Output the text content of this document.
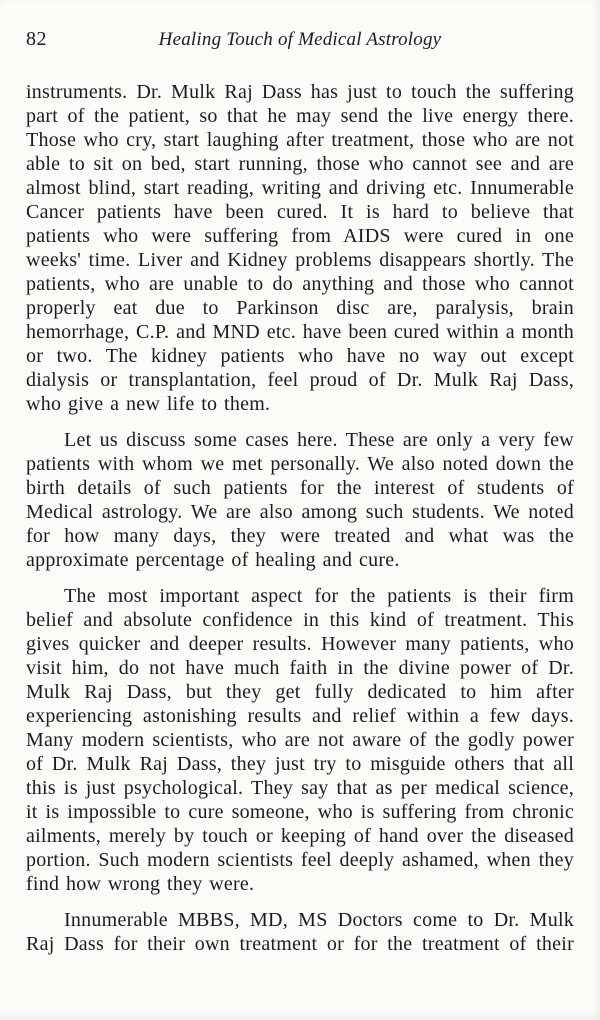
82	Healing Touch of Medical Astrology

instruments. Dr. Mulk Raj Dass has just to touch the suffering part of the patient, so that he may send the live energy there. Those who cry, start laughing after treatment, those who are not able to sit on bed, start running, those who cannot see and are almost blind, start reading, writing and driving etc. Innumerable Cancer patients have been cured. It is hard to believe that patients who were suffering from AIDS were cured in one weeks' time. Liver and Kidney problems disappears shortly. The patients, who are unable to do anything and those who cannot properly eat due to Parkinson disc are, paralysis, brain hemorrhage, C.P. and MND etc. have been cured within a month or two. The kidney patients who have no way out except dialysis or transplantation, feel proud of Dr. Mulk Raj Dass, who give a new life to them.

Let us discuss some cases here. These are only a very few patients with whom we met personally. We also noted down the birth details of such patients for the interest of students of Medical astrology. We are also among such students. We noted for how many days, they were treated and what was the approximate percentage of healing and cure.

The most important aspect for the patients is their firm belief and absolute confidence in this kind of treatment. This gives quicker and deeper results. However many patients, who visit him, do not have much faith in the divine power of Dr. Mulk Raj Dass, but they get fully dedicated to him after experiencing astonishing results and relief within a few days. Many modern scientists, who are not aware of the godly power of Dr. Mulk Raj Dass, they just try to misguide others that all this is just psychological. They say that as per medical science, it is impossible to cure someone, who is suffering from chronic ailments, merely by touch or keeping of hand over the diseased portion. Such modern scientists feel deeply ashamed, when they find how wrong they were.

Innumerable MBBS, MD, MS Doctors come to Dr. Mulk Raj Dass for their own treatment or for the treatment of their
